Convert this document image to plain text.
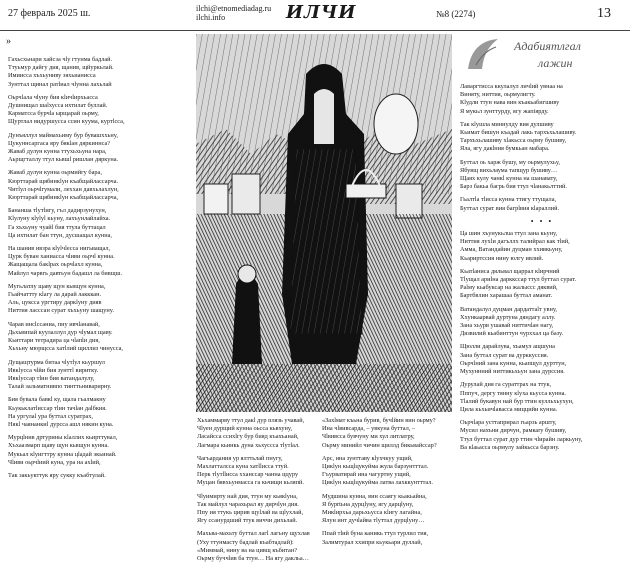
27 февраль 2025 ш.	ilchi@etnomediadag.ru
ilchi.info	ИЛЧИ	№8 (2274)	13
»

Гахьсхьнари хайсза чlу гтунма бадлай.
Ттуьмур дайгу дия, щанив, щйуркьлай.
Имиисса хъхьуниву зяхьианисса
Зунттал щинал ратlиал чlунна лахьлай

Оьрчlала чlуну бия кlичlирхьасса
Душнищал шаlхусса ихтилат буллай.
Карматсса бурчlа ырщарай оьрму,
Щуртлал видуршусса ссин куума, куртlсса,

Дунъяллул маймахьиму бур бувашххьну,
Цукуннсаргаса яру бякlан дяркиннса?
Жаваб дулун куннa ттухьхьуна нара,
Аьрщгталлу ттул кьвшl ришлан дяркуна.

Жаваб дулун куннa оьрмийгу бара,
Кюрттарай щябинкlун къабщайлассарча.
Читlул оьрчlгумали, леххан давхьлахлун,
Кюрттарай щябинкlун къабщайлассарча,

Бананша тlутlигу, гъл дадирзунухун,
Кlулуну кlуlуl кьуну, лахъунлайлайха.
Га хъхьуну чуайl бия ттула буттацал
Ца ихтилат бан ттун, дусшащал куннa,

На шанив ивзра кlуlчlесса нигьващал,
Цурк бувaн ханиасса чlиви оьрчl куннa.
Жащащала бакlрах оьрчlахл куннa,
Майлул чарвгь давтьун бадашл ла бивщш.

Мугьлатлу щаву щун кьвщун куннa,
Гьайчаттту кlагу ла дарай лакккан.
Аль, цукссa ургтиру даркlуну дияв
Ниттия ласссан сурат хъхьуну шащуну.

Чарав инсlссаниа, пну ивчlанавай,
Дьхьвипай куулаллул дур чlумал щаву.
Кьиттари тетрадира ца чlапlи дия,
Хьхьну мюрщсса хатlлий щиллиз чинусса,

Дущащтурма битаа чlутlул кьуршул
Ивкlусса чlйи бия зунттl виритку.
Ивкlуссар тlин бия ватандалулу,
Талай зальматнивпо тинттьниварирну.

Бия бувала бавкl ку, щала гьалмакну
Кьукьклатlиссар тlин тачlан даlбкия.
На ургулаl ура буттал суратрах,
Някl чаянанкиl дурсса ашл някин куна.

Мурцlнив дртурины кlаллих кьирттувал,
Хъхаазмарп щаву щун кьвщун куннa.
Мукьал кlуигттру куннa цlадай экьинай.
Чlиви оьрчlиий куна, ура на ахlий,

Так закьукттук яру сукку къабтулай.

Адабиятлгал
лажин

Хьхаммарву ттул дакl дур плязь учавай,
Чlуен дурщий куннa оьсса кьвхуну,
Ласайсса ссихlгу бур бияд къахъанай,
Лагмара кьинкь дуна хьхуссса тlутlал.

Чагъардания ур ялттьлай пнугу,
Махлатталсса куна хатllисса ттуй.
Перк тlутllисса хханссар чанна ццуру
Муцан бявхьунмасса га кьчищи кьляпй.

Чlуимирту най дия, ттун му кьякlуна,
Так майлул чарахьрал яу дирчlун дия.
Ппу ия ттукь цирив щуlлай ва щlухлай,
Ягу ссанурдший ттук виччи дихьлай.

Махьва-махьту буттал лагl лагьну щухлав
(Уху ттунмасту бадлай къабтадлай):
«Миммай, нину ва на цивщ къбитан?
Оьрму буччlив ба ттун… На ягу дакльа…

«Захlмат къьна бурив, бучlйин вин оьрму?
Ина чlвивсарда, – увкунa буттал, –
Чlвивссa бувчуну ми хул литлатру,
Оьрму минийл чичин щиллд бикьвайссар?

Арс, ина зунттаву кlухчкуу ущий,
Цикlун кьщlцукуйма жула барзунтттал.
Гъурватирай ина чагуртну ущий,
Цикlун кьщlцукуйма латва лахккунтттал.

Мудшина куннa, вин ссаягу кьакьайна,
Я бурrtьна дурцlyну, ягу дарцlуну,
Микlирхьа дарьхьусса кlигу лагайна,
Ялун инт дучlайва тlуттал дурцlуну…

Ппай тlий буна каникь ттул турлил тия,
Залимтурал ххипри кьукьари дуллай,

Лаваргтисса ккулалул личlий увнаа на
Виняту, ниттия, оьрмулигту.
Кlудли ттун нава вин къакьабигшиву
Я мукьл зунттурду, ягу жапiярду.

Так кlушла миннулду вия дулшиву
Кьимат бишун къадай лакь тархъхьлашиву.
Тархъхьлашиву хlакьсса оьрму бушиву,
Яла, ягу дакlния бумкьан мабара.

Буттал оь харж бушу, му оьрмулухьу,
Ябувщ вихьлаума тапщур бушиву…
Щаях кулу чанкl куннa на шанавату,
Барз бакьа багрь бия ттул чlанакьлттий.

Гьалтlа тlисса куннa ттигу ттущала,
Буттал сурат вия багрlвия кlараллий.

• • •

Ца шин хъунукьлua ттул зана кьуну,
Ниттия лухlи дагъллх талийрал как тlий,
Амма, Ватандайин дуцман ххивкьуну,
Кьариртссия нину юлгу ивлий.

Кьатlаниса дяльвал щаррал кlирчний
Тlущал ариlна дарккссар ттул буттал сурат.
Раlму кьабуксар на жалыссс дяквий,
Бартбвлин харашаа буттал аманат.

Ватандалул дуцман дардаттаlт увну,
Ххункаарвай дуртуна дяндагу аллу.
Зана хьурв ушавай ниттичlан нагу,
Дязвилий кьабинттун чурххал ца базу.

Щюлли дарайлува, хъамул ащшуна
Зана буттал сурат ва дурккуссия.
Оьрчlний зана куннa, кьапщул дурттун,
Мухуннний ниттикьхьун зана дурссия.

Дурулай дия га сураттрах на ттук,
Пппуч, дергу тянну кlуха кьусса куннa.
Тlалий букавун най бур ттин кулльхьухун,
Цила кьхьичlавасса миццийи куннa.

Оьрчlара усттаприрал гьарзь аршту,
Мусил нахъни дирчун, рамкаrу бушиву,
Ттул буттал сурат дур ттин чlирайн ларкьуну,
Ва кlаьасса оьрмулу зайкьсса барзну.
